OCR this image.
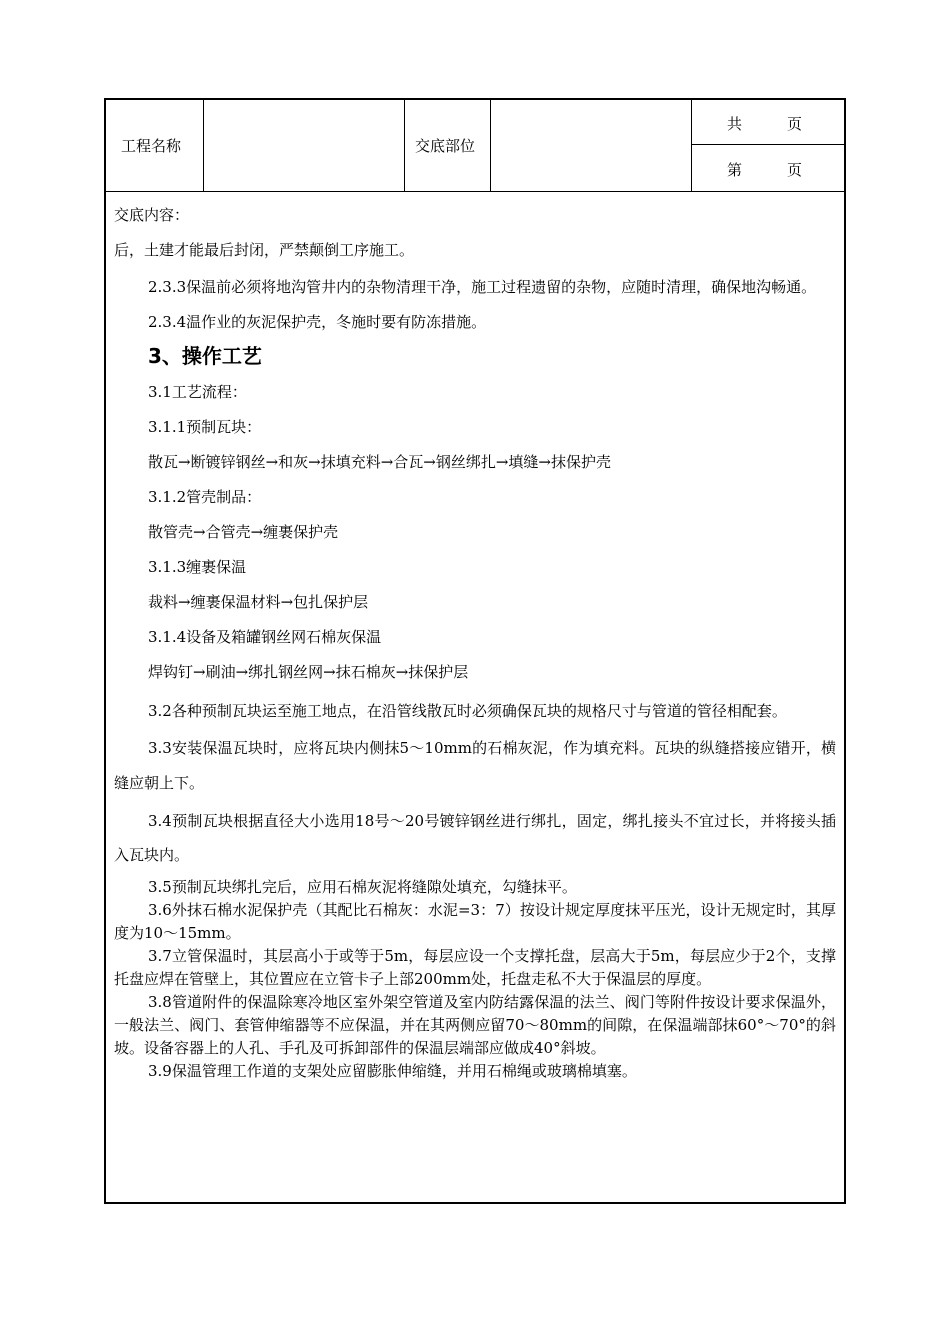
工程名称	交底部位
共　　　页
第　　　页

交底内容：

后，土建才能最后封闭，严禁颠倒工序施工。

2.3.3保温前必须将地沟管井内的杂物清理干净，施工过程遗留的杂物，应随时清理，确保地沟畅通。

2.3.4温作业的灰泥保护壳，冬施时要有防冻措施。

3、操作工艺

3.1工艺流程：

3.1.1预制瓦块：

散瓦→断镀锌钢丝→和灰→抹填充料→合瓦→钢丝绑扎→填缝→抹保护壳

3.1.2管壳制品：

散管壳→合管壳→缠裹保护壳

3.1.3缠裹保温

裁料→缠裹保温材料→包扎保护层

3.1.4设备及箱罐钢丝网石棉灰保温

焊钩钉→刷油→绑扎钢丝网→抹石棉灰→抹保护层

3.2各种预制瓦块运至施工地点，在沿管线散瓦时必须确保瓦块的规格尺寸与管道的管径相配套。

3.3安装保温瓦块时，应将瓦块内侧抹5～10mm的石棉灰泥，作为填充料。瓦块的纵缝搭接应错开，横缝应朝上下。

3.4预制瓦块根据直径大小选用18号～20号镀锌钢丝进行绑扎，固定，绑扎接头不宜过长，并将接头插入瓦块内。

3.5预制瓦块绑扎完后，应用石棉灰泥将缝隙处填充，勾缝抹平。

3.6外抹石棉水泥保护壳（其配比石棉灰：水泥=3：7）按设计规定厚度抹平压光，设计无规定时，其厚度为10～15mm。

3.7立管保温时，其层高小于或等于5m，每层应设一个支撑托盘，层高大于5m，每层应少于2个，支撑托盘应焊在管壁上，其位置应在立管卡子上部200mm处，托盘走私不大于保温层的厚度。

3.8管道附件的保温除寒冷地区室外架空管道及室内防结露保温的法兰、阀门等附件按设计要求保温外，一般法兰、阀门、套管伸缩器等不应保温，并在其两侧应留70～80mm的间隙，在保温端部抹60°～70°的斜坡。设备容器上的人孔、手孔及可拆卸部件的保温层端部应做成40°斜坡。

3.9保温管理工作道的支架处应留膨胀伸缩缝，并用石棉绳或玻璃棉填塞。
